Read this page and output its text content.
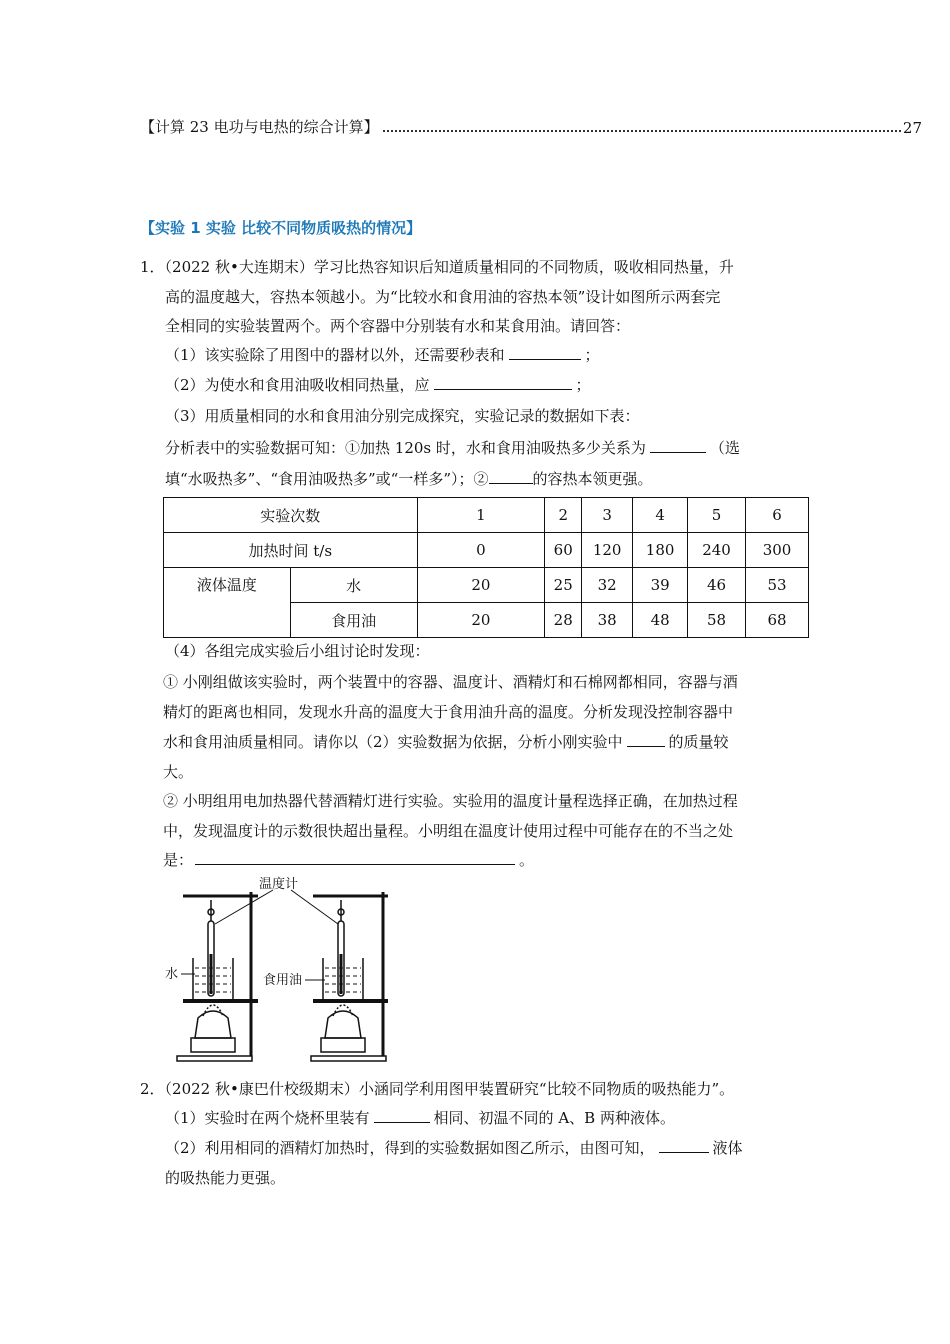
【计算 23 电功与电热的综合计算】	27
【实验 1 实验 比较不同物质吸热的情况】
1．（2022 秋•大连期末）学习比热容知识后知道质量相同的不同物质，吸收相同热量，升
高的温度越大，容热本领越小。为“比较水和食用油的容热本领”设计如图所示两套完
全相同的实验装置两个。两个容器中分别装有水和某食用油。请回答：
（1）该实验除了用图中的器材以外，还需要秒表和	；
（2）为使水和食用油吸收相同热量，应	；
（3）用质量相同的水和食用油分别完成探究，实验记录的数据如下表：
分析表中的实验数据可知：①加热 120s 时，水和食用油吸热多少关系为	（选
填“水吸热多”、“食用油吸热多”或“一样多”）；②	的容热本领更强。
实验次数		1	2	3	4	5	6
加热时间 t/s		0	60	120	180	240	300
液体温度	水	20	25	32	39	46	53
	食用油	20	28	38	48	58	68
（4）各组完成实验后小组讨论时发现：
① 小刚组做该实验时，两个装置中的容器、温度计、酒精灯和石棉网都相同，容器与酒
精灯的距离也相同，发现水升高的温度大于食用油升高的温度。分析发现没控制容器中
水和食用油质量相同。请你以（2）实验数据为依据，分析小刚实验中	的质量较
大。
② 小明组用电加热器代替酒精灯进行实验。实验用的温度计量程选择正确，在加热过程
中，发现温度计的示数很快超出量程。小明组在温度计使用过程中可能存在的不当之处
是：	。
温度计
水	食用油
2．（2022 秋•康巴什校级期末）小涵同学利用图甲装置研究“比较不同物质的吸热能力”。
（1）实验时在两个烧杯里装有	相同、初温不同的 A、B 两种液体。
（2）利用相同的酒精灯加热时，得到的实验数据如图乙所示，由图可知，	液体
的吸热能力更强。
